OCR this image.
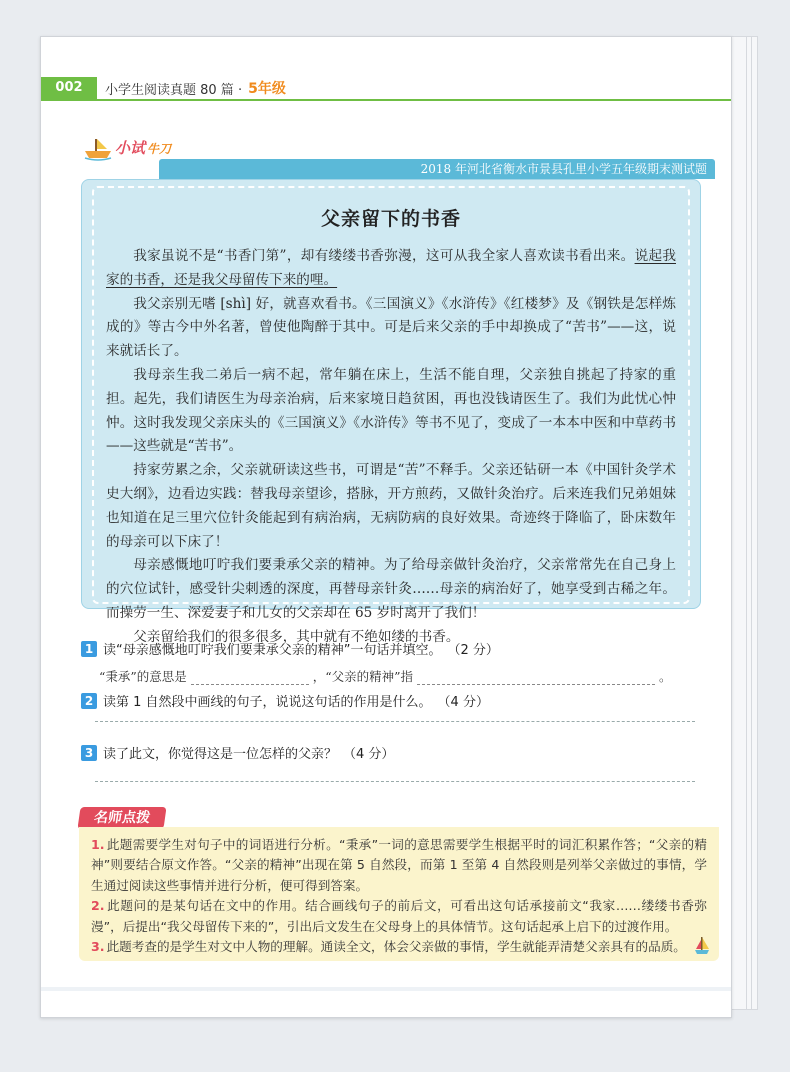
002	小学生阅读真题 80 篇 · 5年级
小试 牛刀
2018 年河北省衡水市景县孔里小学五年级期末测试题
父亲留下的书香

我家虽说不是“书香门第”，却有缕缕书香弥漫，这可从我全家人喜欢读书看出来。说起我家的书香，还是我父母留传下来的哩。

我父亲别无嗜 [shì] 好，就喜欢看书。《三国演义》《水浒传》《红楼梦》及《钢铁是怎样炼成的》等古今中外名著，曾使他陶醉于其中。可是后来父亲的手中却换成了“苦书”——这，说来就话长了。

我母亲生我二弟后一病不起，常年躺在床上，生活不能自理，父亲独自挑起了持家的重担。起先，我们请医生为母亲治病，后来家境日趋贫困，再也没钱请医生了。我们为此忧心忡忡。这时我发现父亲床头的《三国演义》《水浒传》等书不见了，变成了一本本中医和中草药书——这些就是“苦书”。

持家劳累之余，父亲就研读这些书，可谓是“苦”不释手。父亲还钻研一本《中国针灸学术史大纲》，边看边实践：替我母亲望诊，搭脉，开方煎药，又做针灸治疗。后来连我们兄弟姐妹也知道在足三里穴位针灸能起到有病治病，无病防病的良好效果。奇迹终于降临了，卧床数年的母亲可以下床了！

母亲感慨地叮咛我们要秉承父亲的精神。为了给母亲做针灸治疗，父亲常常先在自己身上的穴位试针，感受针尖刺透的深度，再替母亲针灸……母亲的病治好了，她享受到古稀之年。而操劳一生、深爱妻子和儿女的父亲却在 65 岁时离开了我们！

父亲留给我们的很多很多，其中就有不绝如缕的书香。

1 读“母亲感慨地叮咛我们要秉承父亲的精神”一句话并填空。 （2 分）
“秉承”的意思是	，“父亲的精神”指	。
2 读第 1 自然段中画线的句子，说说这句话的作用是什么。 （4 分）
3 读了此文，你觉得这是一位怎样的父亲？ （4 分）
名师点拨

1. 此题需要学生对句子中的词语进行分析。“秉承”一词的意思需要学生根据平时的词汇积累作答；“父亲的精神”则要结合原文作答。“父亲的精神”出现在第 5 自然段，而第 1 至第 4 自然段则是列举父亲做过的事情，学生通过阅读这些事情并进行分析，便可得到答案。

2. 此题问的是某句话在文中的作用。结合画线句子的前后文，可看出这句话承接前文“我家……缕缕书香弥漫”，后提出“我父母留传下来的”，引出后文发生在父母身上的具体情节。这句话起承上启下的过渡作用。

3. 此题考查的是学生对文中人物的理解。通读全文，体会父亲做的事情，学生就能弄清楚父亲具有的品质。
